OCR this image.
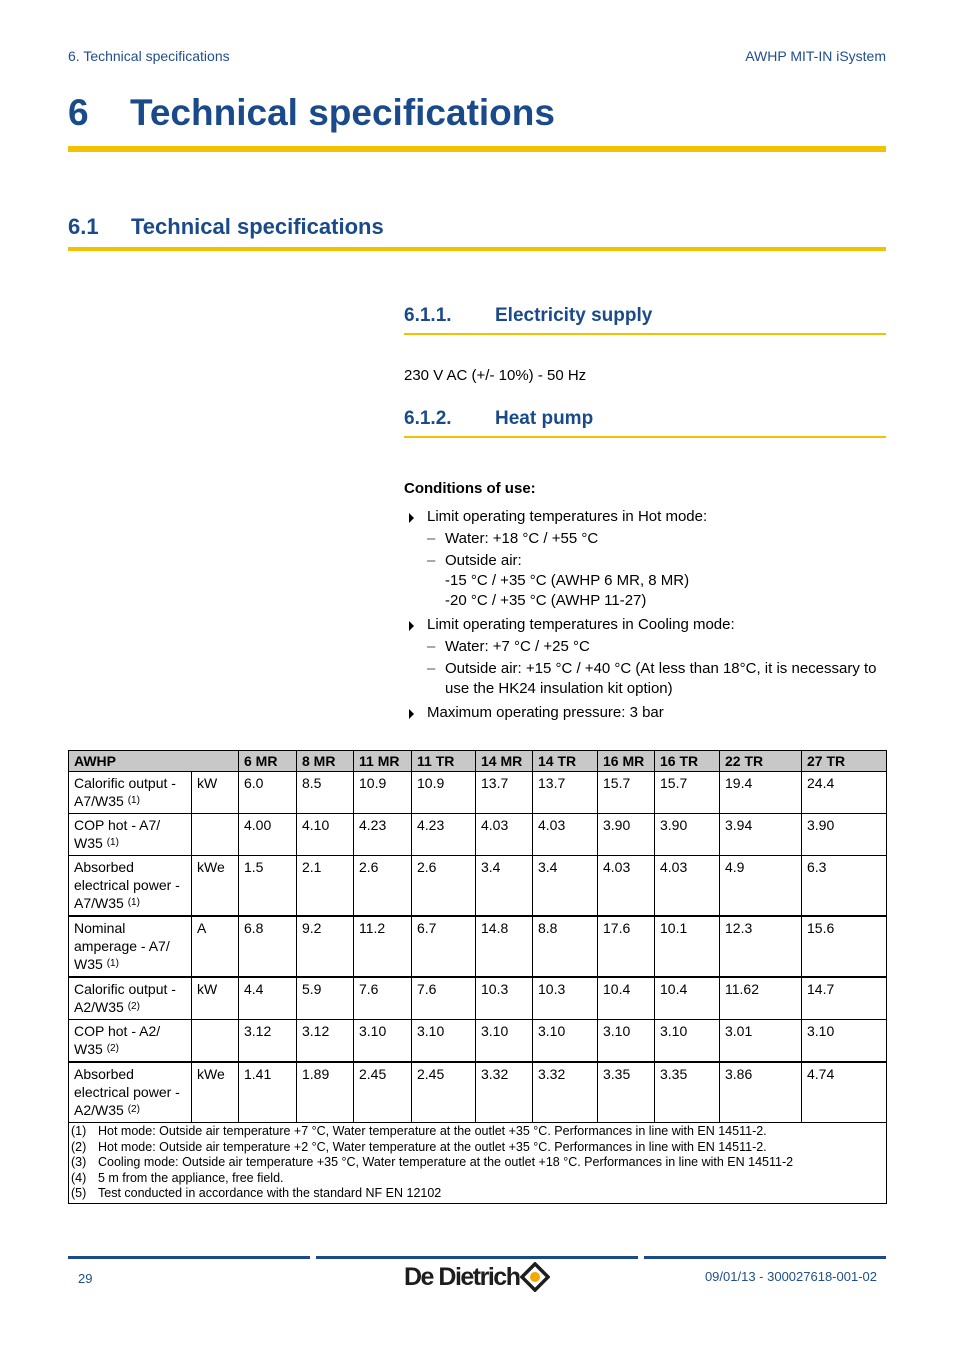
6. Technical specifications	AWHP MIT-IN iSystem
6 Technical specifications
6.1 Technical specifications
6.1.1. Electricity supply
230 V AC (+/- 10%) - 50 Hz
6.1.2. Heat pump
Conditions of use:
Limit operating temperatures in Hot mode:
– Water: +18 °C / +55 °C
– Outside air:
-15 °C / +35 °C (AWHP 6 MR, 8 MR)
-20 °C / +35 °C (AWHP 11-27)
Limit operating temperatures in Cooling mode:
– Water: +7 °C / +25 °C
– Outside air: +15 °C / +40 °C (At less than 18°C, it is necessary to use the HK24 insulation kit option)
Maximum operating pressure: 3 bar
AWHP		6 MR	8 MR	11 MR	11 TR	14 MR	14 TR	16 MR	16 TR	22 TR	27 TR
Calorific output - A7/W35 $^{(1)}$	kW	6.0	8.5	10.9	10.9	13.7	13.7	15.7	15.7	19.4	24.4
COP hot - A7/ W35 $^{(1)}$		4.00	4.10	4.23	4.23	4.03	4.03	3.90	3.90	3.94	3.90
Absorbed electrical power - A7/W35 $^{(1)}$	kWe	1.5	2.1	2.6	2.6	3.4	3.4	4.03	4.03	4.9	6.3
Nominal amperage - A7/ W35 $^{(1)}$	A	6.8	9.2	11.2	6.7	14.8	8.8	17.6	10.1	12.3	15.6
Calorific output - A2/W35 $^{(2)}$	kW	4.4	5.9	7.6	7.6	10.3	10.3	10.4	10.4	11.62	14.7
COP hot - A2/ W35 $^{(2)}$		3.12	3.12	3.10	3.10	3.10	3.10	3.10	3.10	3.01	3.10
Absorbed electrical power - A2/W35 $^{(2)}$	kWe	1.41	1.89	2.45	2.45	3.32	3.32	3.35	3.35	3.86	4.74

(1) Hot mode: Outside air temperature +7 °C, Water temperature at the outlet +35 °C. Performances in line with EN 14511-2.
(2) Hot mode: Outside air temperature +2 °C, Water temperature at the outlet +35 °C. Performances in line with EN 14511-2.
(3) Cooling mode: Outside air temperature +35 °C, Water temperature at the outlet +18 °C. Performances in line with EN 14511-2
(4) 5 m from the appliance, free field.
(5) Test conducted in accordance with the standard NF EN 12102											
29	De Dietrich	09/01/13 - 300027618-001-02
